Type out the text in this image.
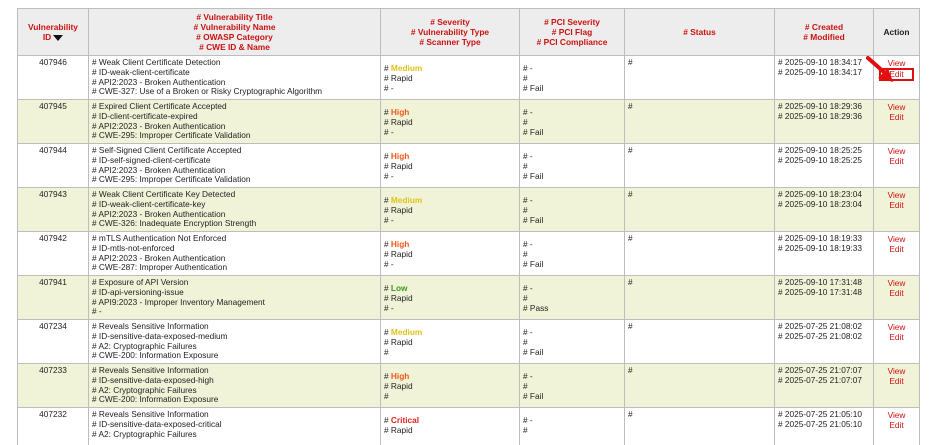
Vulnerability
ID	# Vulnerability Title
# Vulnerability Name
# OWASP Category
# CWE ID & Name	# Severity
# Vulnerability Type
# Scanner Type	# PCI Severity
# PCI Flag
# PCI Compliance	# Status	# Created
# Modified	Action
407946	# Weak Client Certificate Detection
# ID-weak-client-certificate
# API2:2023 - Broken Authentication
# CWE-327: Use of a Broken or Risky Cryptographic Algorithm	# Medium
# Rapid
# -	# -
#
# Fail	#	# 2025-09-10 18:34:17
# 2025-09-10 18:34:17	View
Edit

407945	# Expired Client Certificate Accepted
# ID-client-certificate-expired
# API2:2023 - Broken Authentication
# CWE-295: Improper Certificate Validation	# High
# Rapid
# -	# -
#
# Fail	#	# 2025-09-10 18:29:36
# 2025-09-10 18:29:36	View
Edit

407944	# Self-Signed Client Certificate Accepted
# ID-self-signed-client-certificate
# API2:2023 - Broken Authentication
# CWE-295: Improper Certificate Validation	# High
# Rapid
# -	# -
#
# Fail	#	# 2025-09-10 18:25:25
# 2025-09-10 18:25:25	View
Edit

407943	# Weak Client Certificate Key Detected
# ID-weak-client-certificate-key
# API2:2023 - Broken Authentication
# CWE-326: Inadequate Encryption Strength	# Medium
# Rapid
# -	# -
#
# Fail	#	# 2025-09-10 18:23:04
# 2025-09-10 18:23:04	View
Edit

407942	# mTLS Authentication Not Enforced
# ID-mtls-not-enforced
# API2:2023 - Broken Authentication
# CWE-287: Improper Authentication	# High
# Rapid
# -	# -
#
# Fail	#	# 2025-09-10 18:19:33
# 2025-09-10 18:19:33	View
Edit

407941	# Exposure of API Version
# ID-api-versioning-issue
# API9:2023 - Improper Inventory Management
# -	# Low
# Rapid
# -	# -
#
# Pass	#	# 2025-09-10 17:31:48
# 2025-09-10 17:31:48	View
Edit

407234	# Reveals Sensitive Information
# ID-sensitive-data-exposed-medium
# A2: Cryptographic Failures
# CWE-200: Information Exposure	# Medium
# Rapid
#	# -
#
# Fail	#	# 2025-07-25 21:08:02
# 2025-07-25 21:08:02	View
Edit

407233	# Reveals Sensitive Information
# ID-sensitive-data-exposed-high
# A2: Cryptographic Failures
# CWE-200: Information Exposure	# High
# Rapid
#	# -
#
# Fail	#	# 2025-07-25 21:07:07
# 2025-07-25 21:07:07	View
Edit

407232	# Reveals Sensitive Information
# ID-sensitive-data-exposed-critical
# A2: Cryptographic Failures	# Critical
# Rapid	# -
#	#	# 2025-07-25 21:05:10
# 2025-07-25 21:05:10	View
Edit
